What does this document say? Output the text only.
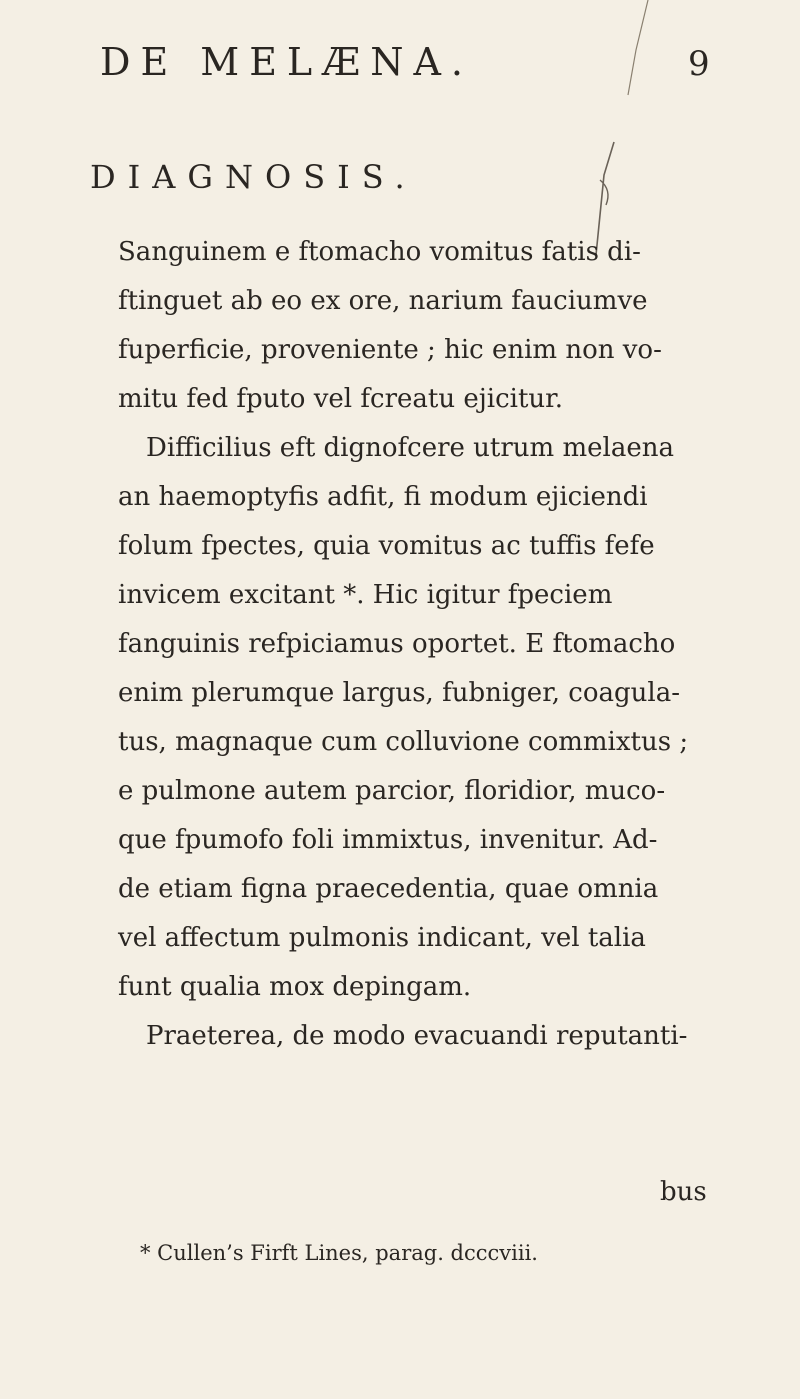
DE MELÆNA.	9
DIAGNOSIS.
Sanguinem e ftomacho vomitus fatis di-
ftinguet ab eo ex ore, narium fauciumve
fuperficie, proveniente ; hic enim non vo-
mitu fed fputo vel fcreatu ejicitur.
Difficilius eft dignofcere utrum melaena
an haemoptyfis adfit, fi modum ejiciendi
folum fpectes, quia vomitus ac tuffis fefe
invicem excitant *. Hic igitur fpeciem
fanguinis refpiciamus oportet. E ftomacho
enim plerumque largus, fubniger, coagula-
tus, magnaque cum colluvione commixtus ;
e pulmone autem parcior, floridior, muco-
que fpumofo foli immixtus, invenitur. Ad-
de etiam figna praecedentia, quae omnia
vel affectum pulmonis indicant, vel talia
funt qualia mox depingam.
Praeterea, de modo evacuandi reputanti-
bus
* Cullen’s Firft Lines, parag. dcccviii.
